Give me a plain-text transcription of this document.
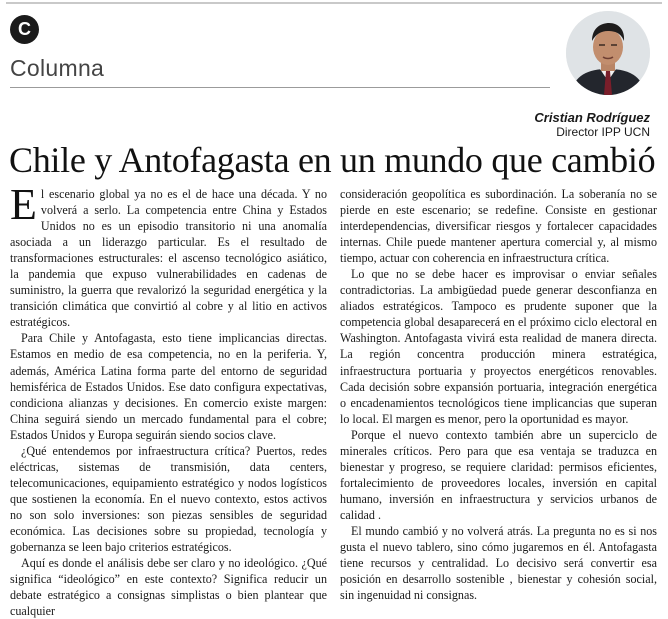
C
Columna
Cristian Rodríguez
Director IPP UCN
Chile y Antofagasta en un mundo que cambió

El escenario global ya no es el de hace una década. Y no volverá a serlo. La competencia entre China y Estados Unidos no es un episodio transitorio ni una anomalía asociada a un liderazgo particular. Es el resultado de transformaciones estructurales: el ascenso tecnológico asiático, la pandemia que expuso vulnerabilidades en cadenas de suministro, la guerra que revalorizó la seguridad energética y la transición climática que convirtió al cobre y al litio en activos estratégicos.

Para Chile y Antofagasta, esto tiene implicancias directas. Estamos en medio de esa competencia, no en la periferia. Y, además, América Latina forma parte del entorno de seguridad hemisférica de Estados Unidos. Ese dato configura expectativas, condiciona alianzas y decisiones. En comercio existe margen: China seguirá siendo un mercado fundamental para el cobre; Estados Unidos y Europa seguirán siendo socios clave.

¿Qué entendemos por infraestructura crítica? Puertos, redes eléctricas, sistemas de transmisión, data centers, telecomunicaciones, equipamiento estratégico y nodos logísticos que sostienen la economía. En el nuevo contexto, estos activos no son solo inversiones: son piezas sensibles de seguridad económica. Las decisiones sobre su propiedad, tecnología y gobernanza se leen bajo criterios estratégicos.

Aquí es donde el análisis debe ser claro y no ideológico. ¿Qué significa “ideológico” en este contexto? Significa reducir un debate estratégico a consignas simplistas o bien plantear que cualquier

consideración geopolítica es subordinación. La soberanía no se pierde en este escenario; se redefine. Consiste en gestionar interdependencias, diversificar riesgos y fortalecer capacidades internas. Chile puede mantener apertura comercial y, al mismo tiempo, actuar con coherencia en infraestructura crítica.

Lo que no se debe hacer es improvisar o enviar señales contradictorias. La ambigüedad puede generar desconfianza en aliados estratégicos. Tampoco es prudente suponer que la competencia global desaparecerá en el próximo ciclo electoral en Washington. Antofagasta vivirá esta realidad de manera directa. La región concentra producción minera estratégica, infraestructura portuaria y proyectos energéticos renovables. Cada decisión sobre expansión portuaria, integración energética o encadenamientos tecnológicos tiene implicancias que superan lo local. El margen es menor, pero la oportunidad es mayor.

Porque el nuevo contexto también abre un superciclo de minerales críticos. Pero para que esa ventaja se traduzca en bienestar y progreso, se requiere claridad: permisos eficientes, fortalecimiento de proveedores locales, inversión en capital humano, inversión en infraestructura y servicios urbanos de calidad .

El mundo cambió y no volverá atrás. La pregunta no es si nos gusta el nuevo tablero, sino cómo jugaremos en él. Antofagasta tiene recursos y centralidad. Lo decisivo será convertir esa posición en desarrollo sostenible , bienestar y cohesión social, sin ingenuidad ni consignas.
